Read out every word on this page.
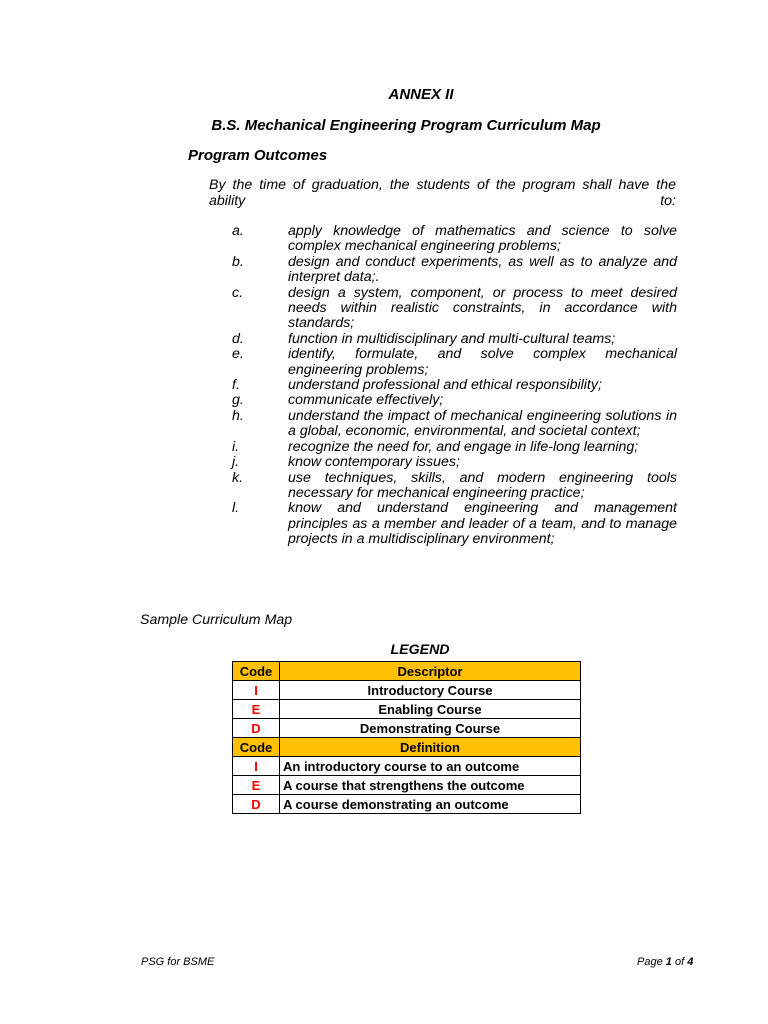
ANNEX II
B.S. Mechanical Engineering Program Curriculum Map
Program Outcomes
By the time of graduation, the students of the program shall have the ability to:
a.	apply knowledge of mathematics and science to solve complex mechanical engineering problems;
b.	design and conduct experiments, as well as to analyze and interpret data;.
c.	design a system, component, or process to meet desired needs within realistic constraints, in accordance with standards;
d.	function in multidisciplinary and multi-cultural teams;
e.	identify, formulate, and solve complex mechanical engineering problems;
f.	understand professional and ethical responsibility;
g.	communicate effectively;
h.	understand the impact of mechanical engineering solutions in a global, economic, environmental, and societal context;
i.	recognize the need for, and engage in life-long learning;
j.	know contemporary issues;
k.	use techniques, skills, and modern engineering tools necessary for mechanical engineering practice;
l.	know and understand engineering and management principles as a member and leader of a team, and to manage projects in a multidisciplinary environment;
Sample Curriculum Map
LEGEND
Code	Descriptor
I	Introductory Course
E	Enabling Course
D	Demonstrating Course
Code	Definition
I	An introductory course to an outcome
E	A course that strengthens the outcome
D	A course demonstrating an outcome
PSG for BSME	Page 1 of 4
